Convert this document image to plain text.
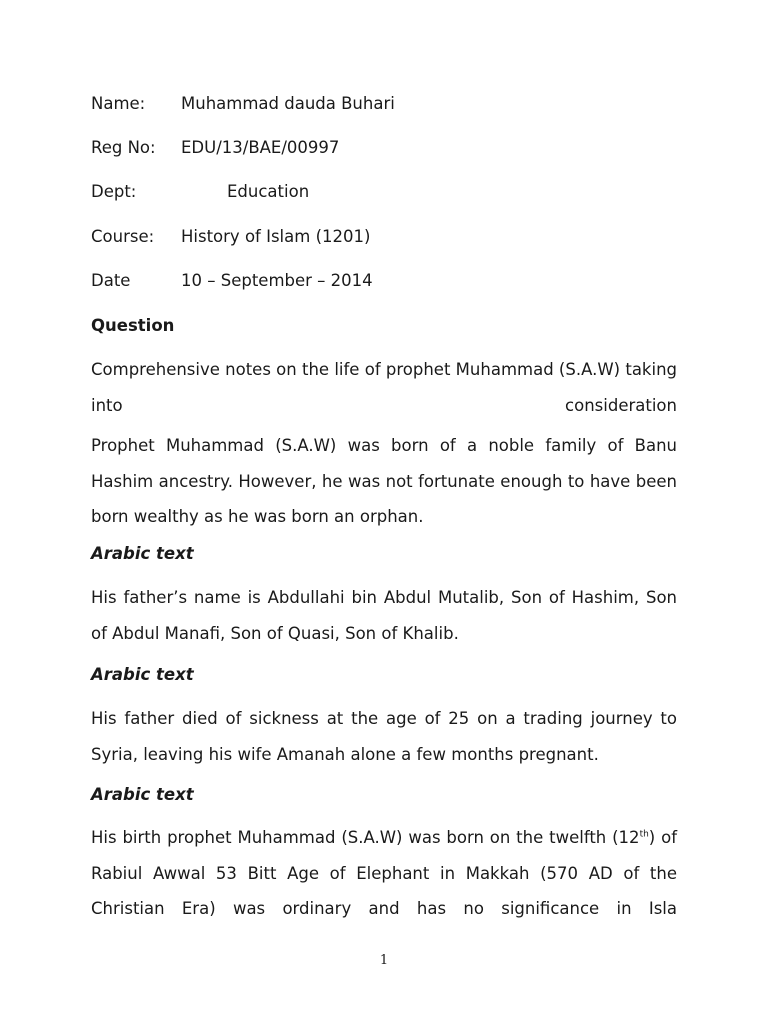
Name: Muhammad dauda Buhari
Reg No: EDU/13/BAE/00997
Dept:	Education
Course: History of Islam (1201)
Date	10 – September – 2014
Question
Comprehensive notes on the life of prophet Muhammad (S.A.W) taking into consideration
Prophet Muhammad (S.A.W) was born of a noble family of Banu Hashim ancestry. However, he was not fortunate enough to have been born wealthy as he was born an orphan.
Arabic text
His father’s name is Abdullahi bin Abdul Mutalib, Son of Hashim, Son of Abdul Manafi, Son of Quasi, Son of Khalib.
Arabic text
His father died of sickness at the age of 25 on a trading journey to Syria, leaving his wife Amanah alone a few months pregnant.
Arabic text
His birth prophet Muhammad (S.A.W) was born on the twelfth (12th) of Rabiul Awwal 53 Bitt Age of Elephant in Makkah (570 AD of the Christian Era) was ordinary and has no significance in Isla
1
